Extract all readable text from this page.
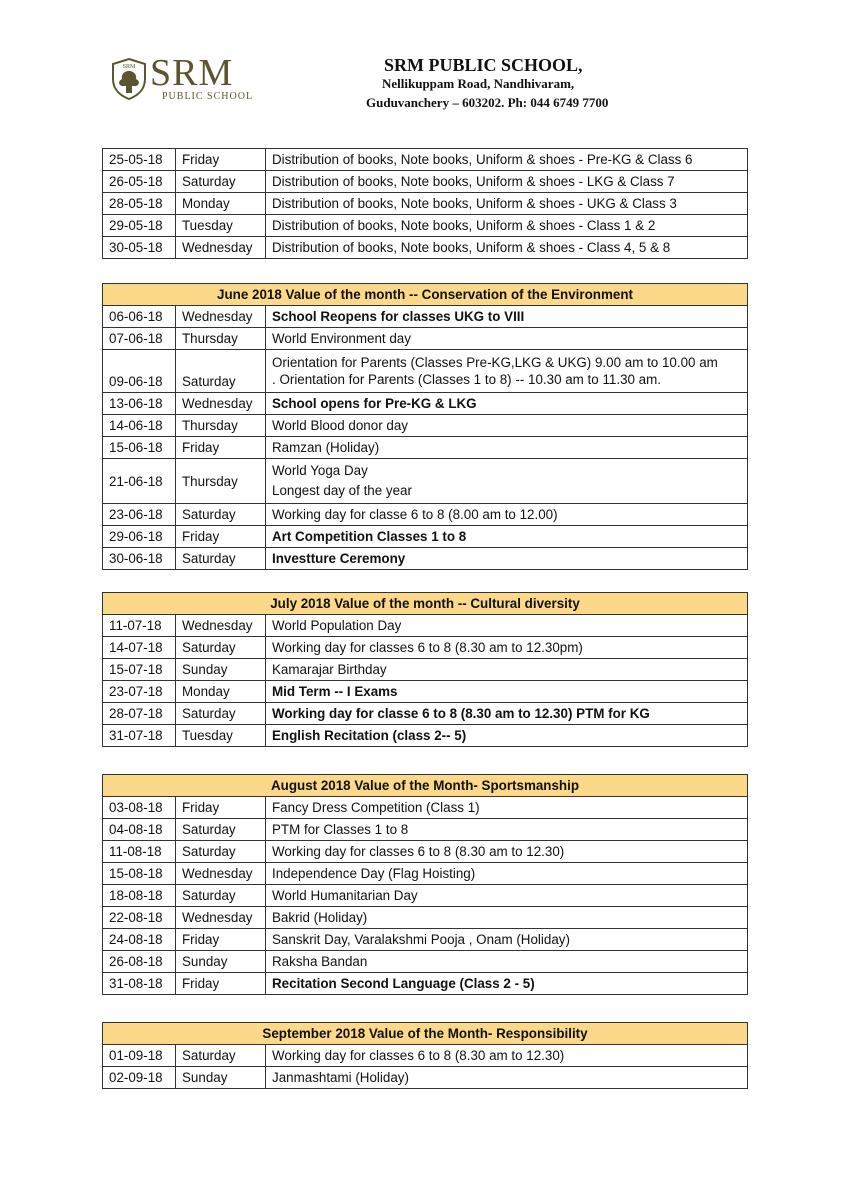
SRM SRM
PUBLIC SCHOOL
SRM PUBLIC SCHOOL,
Nellikuppam Road, Nandhivaram,
Guduvanchery – 603202. Ph: 044 6749 7700
25-05-18	Friday	Distribution of books, Note books, Uniform & shoes - Pre-KG & Class 6
26-05-18	Saturday	Distribution of books, Note books, Uniform & shoes - LKG & Class 7
28-05-18	Monday	Distribution of books, Note books, Uniform & shoes - UKG & Class 3
29-05-18	Tuesday	Distribution of books, Note books, Uniform & shoes - Class 1 & 2
30-05-18	Wednesday	Distribution of books, Note books, Uniform & shoes - Class 4, 5 & 8
June 2018 Value of the month -- Conservation of the Environment		
06-06-18	Wednesday	School Reopens for classes UKG to VIII
07-06-18	Thursday	World Environment day
09-06-18	Saturday	Orientation for Parents (Classes Pre-KG,LKG & UKG) 9.00 am to 10.00 am
. Orientation for Parents (Classes 1 to 8) -- 10.30 am to 11.30 am.

13-06-18	Wednesday	School opens for Pre-KG & LKG
14-06-18	Thursday	World Blood donor day
15-06-18	Friday	Ramzan (Holiday)
21-06-18	Thursday	World Yoga Day
Longest day of the year

23-06-18	Saturday	Working day for classe 6 to 8 (8.00 am to 12.00)
29-06-18	Friday	Art Competition Classes 1 to 8
30-06-18	Saturday	Investture Ceremony
July 2018 Value of the month -- Cultural diversity		
11-07-18	Wednesday	World Population Day
14-07-18	Saturday	Working day for classes 6 to 8 (8.30 am to 12.30pm)
15-07-18	Sunday	Kamarajar Birthday
23-07-18	Monday	Mid Term -- I Exams
28-07-18	Saturday	Working day for classe 6 to 8 (8.30 am to 12.30) PTM for KG
31-07-18	Tuesday	English Recitation (class 2-- 5)
August 2018 Value of the Month- Sportsmanship		
03-08-18	Friday	Fancy Dress Competition (Class 1)
04-08-18	Saturday	PTM for Classes 1 to 8
11-08-18	Saturday	Working day for classes 6 to 8 (8.30 am to 12.30)
15-08-18	Wednesday	Independence Day (Flag Hoisting)
18-08-18	Saturday	World Humanitarian Day
22-08-18	Wednesday	Bakrid (Holiday)
24-08-18	Friday	Sanskrit Day, Varalakshmi Pooja , Onam (Holiday)
26-08-18	Sunday	Raksha Bandan
31-08-18	Friday	Recitation Second Language (Class 2 - 5)
September 2018 Value of the Month- Responsibility		
01-09-18	Saturday	Working day for classes 6 to 8 (8.30 am to 12.30)
02-09-18	Sunday	Janmashtami (Holiday)
